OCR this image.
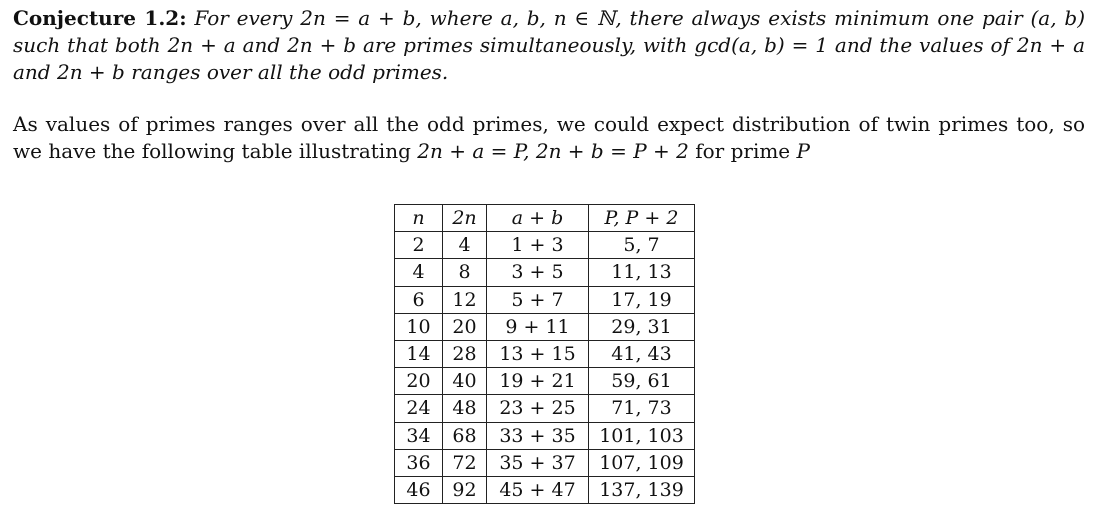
Conjecture 1.2: For every 2n = a + b, where a, b, n ∈ ℕ, there always exists minimum one pair (a, b) such that both 2n + a and 2n + b are primes simultaneously, with gcd(a, b) = 1 and the values of 2n + a and 2n + b ranges over all the odd primes.
As values of primes ranges over all the odd primes, we could expect distribution of twin primes too, so we have the following table illustrating 2n + a = P, 2n + b = P + 2 for prime P
n	2n	a + b	P, P + 2
2	4	1 + 3	5, 7
4	8	3 + 5	11, 13
6	12	5 + 7	17, 19
10	20	9 + 11	29, 31
14	28	13 + 15	41, 43
20	40	19 + 21	59, 61
24	48	23 + 25	71, 73
34	68	33 + 35	101, 103
36	72	35 + 37	107, 109
46	92	45 + 47	137, 139
